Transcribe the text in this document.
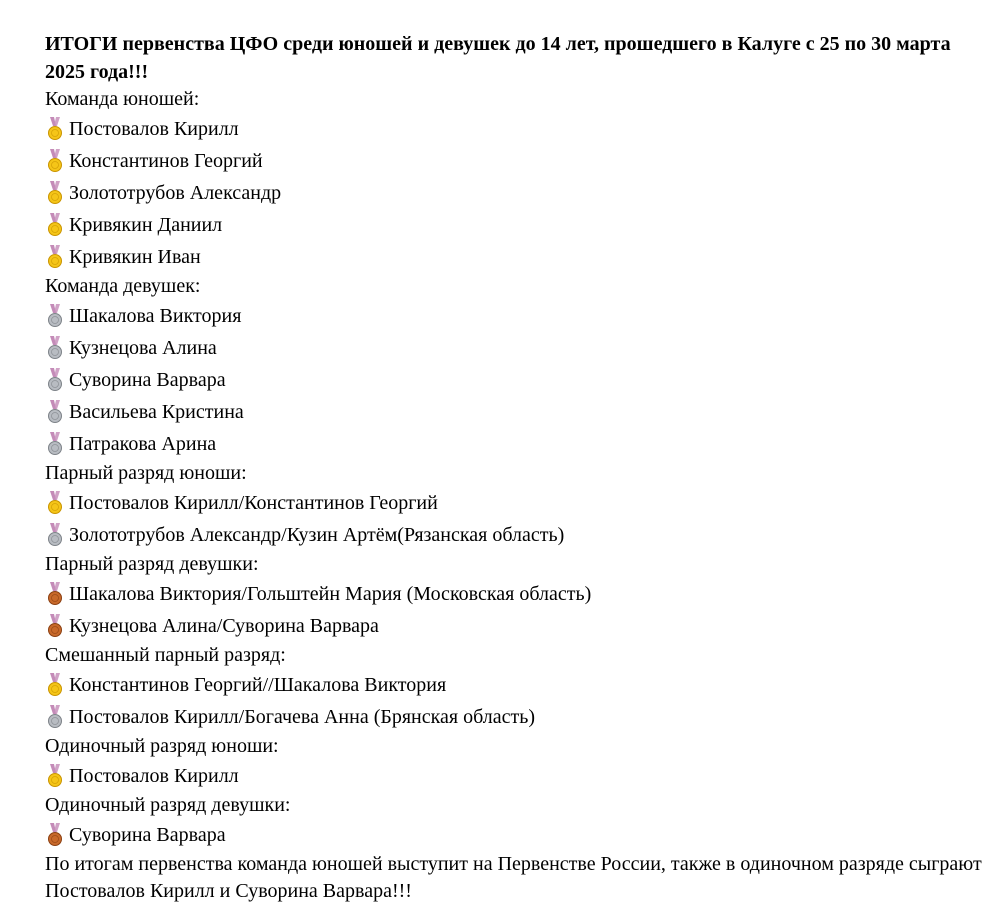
ИТОГИ первенства ЦФО среди юношей и девушек до 14 лет, прошедшего в Калуге с 25 по 30 марта 2025 года!!!

Команда юношей:
Постовалов Кирилл
Константинов Георгий
Золототрубов Александр
Кривякин Даниил
Кривякин Иван
Команда девушек:
Шакалова Виктория
Кузнецова Алина
Суворина Варвара
Васильева Кристина
Патракова Арина
Парный разряд юноши:
Постовалов Кирилл/Константинов Георгий
Золототрубов Александр/Кузин Артём(Рязанская область)
Парный разряд девушки:
Шакалова Виктория/Гольштейн Мария (Московская область)
Кузнецова Алина/Суворина Варвара
Смешанный парный разряд:
Константинов Георгий//Шакалова Виктория
Постовалов Кирилл/Богачева Анна (Брянская область)
Одиночный разряд юноши:
Постовалов Кирилл
Одиночный разряд девушки:
Суворина Варвара
По итогам первенства команда юношей выступит на Первенстве России, также в одиночном разряде сыграют Постовалов Кирилл и Суворина Варвара!!!
